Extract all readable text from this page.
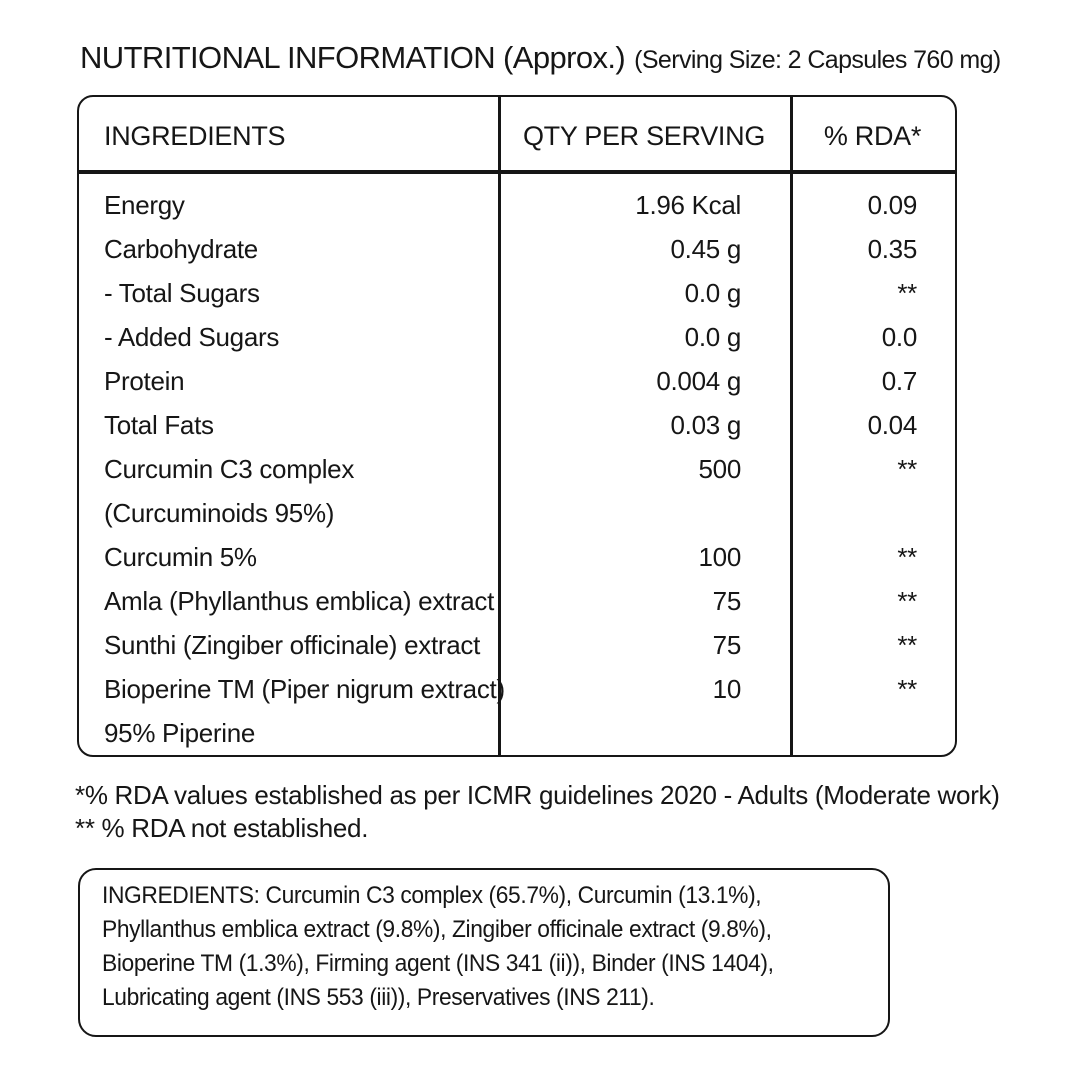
NUTRITIONAL INFORMATION (Approx.) (Serving Size: 2 Capsules 760 mg)
INGREDIENTS	QTY PER SERVING	% RDA*
Energy	1.96 Kcal	0.09
Carbohydrate	0.45 g	0.35
- Total Sugars	0.0 g	**
- Added Sugars	0.0 g	0.0
Protein	0.004 g	0.7
Total Fats	0.03 g	0.04
Curcumin C3 complex	500	**
(Curcuminoids 95%)
Curcumin 5%	100	**
Amla (Phyllanthus emblica) extract	75	**
Sunthi (Zingiber officinale) extract	75	**
Bioperine TM (Piper nigrum extract)	10	**
95% Piperine
*% RDA values established as per ICMR guidelines 2020 - Adults (Moderate work)
** % RDA not established.
INGREDIENTS: Curcumin C3 complex (65.7%), Curcumin (13.1%), Phyllanthus emblica extract (9.8%), Zingiber officinale extract (9.8%), Bioperine TM (1.3%), Firming agent (INS 341 (ii)), Binder (INS 1404), Lubricating agent (INS 553 (iii)), Preservatives (INS 211).
